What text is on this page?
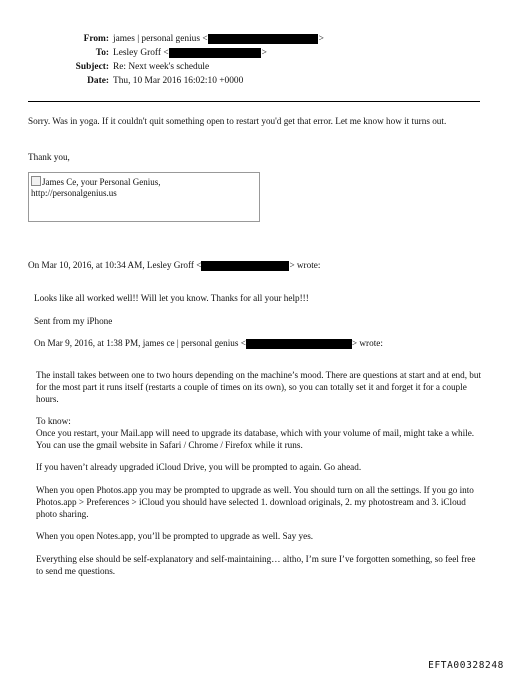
From: james | personal genius <	>
To: Lesley Groff <	>
Subject: Re: Next week's schedule
Date: Thu, 10 Mar 2016 16:02:10 +0000
Sorry. Was in yoga. If it couldn't quit something open to restart you'd get that error. Let me know how it turns out.
Thank you,
James Ce, your Personal Genius,
http://personalgenius.us
On Mar 10, 2016, at 10:34 AM, Lesley Groff <	> wrote:
Looks like all worked well!! Will let you know. Thanks for all your help!!!
Sent from my iPhone
On Mar 9, 2016, at 1:38 PM, james ce | personal genius <	> wrote:
The install takes between one to two hours depending on the machine’s mood. There are questions at start and at end, but for the most part it runs itself (restarts a couple of times on its own), so you can totally set it and forget it for a couple hours.
To know:
Once you restart, your Mail.app will need to upgrade its database, which with your volume of mail, might take a while. You can use the gmail website in Safari / Chrome / Firefox while it runs.
If you haven’t already upgraded iCloud Drive, you will be prompted to again. Go ahead.
When you open Photos.app you may be prompted to upgrade as well. You should turn on all the settings. If you go into Photos.app > Preferences > iCloud you should have selected 1. download originals, 2. my photostream and 3. iCloud photo sharing.
When you open Notes.app, you’ll be prompted to upgrade as well. Say yes.
Everything else should be self-explanatory and self-maintaining… altho, I’m sure I’ve forgotten something, so feel free to send me questions.
EFTA00328248
